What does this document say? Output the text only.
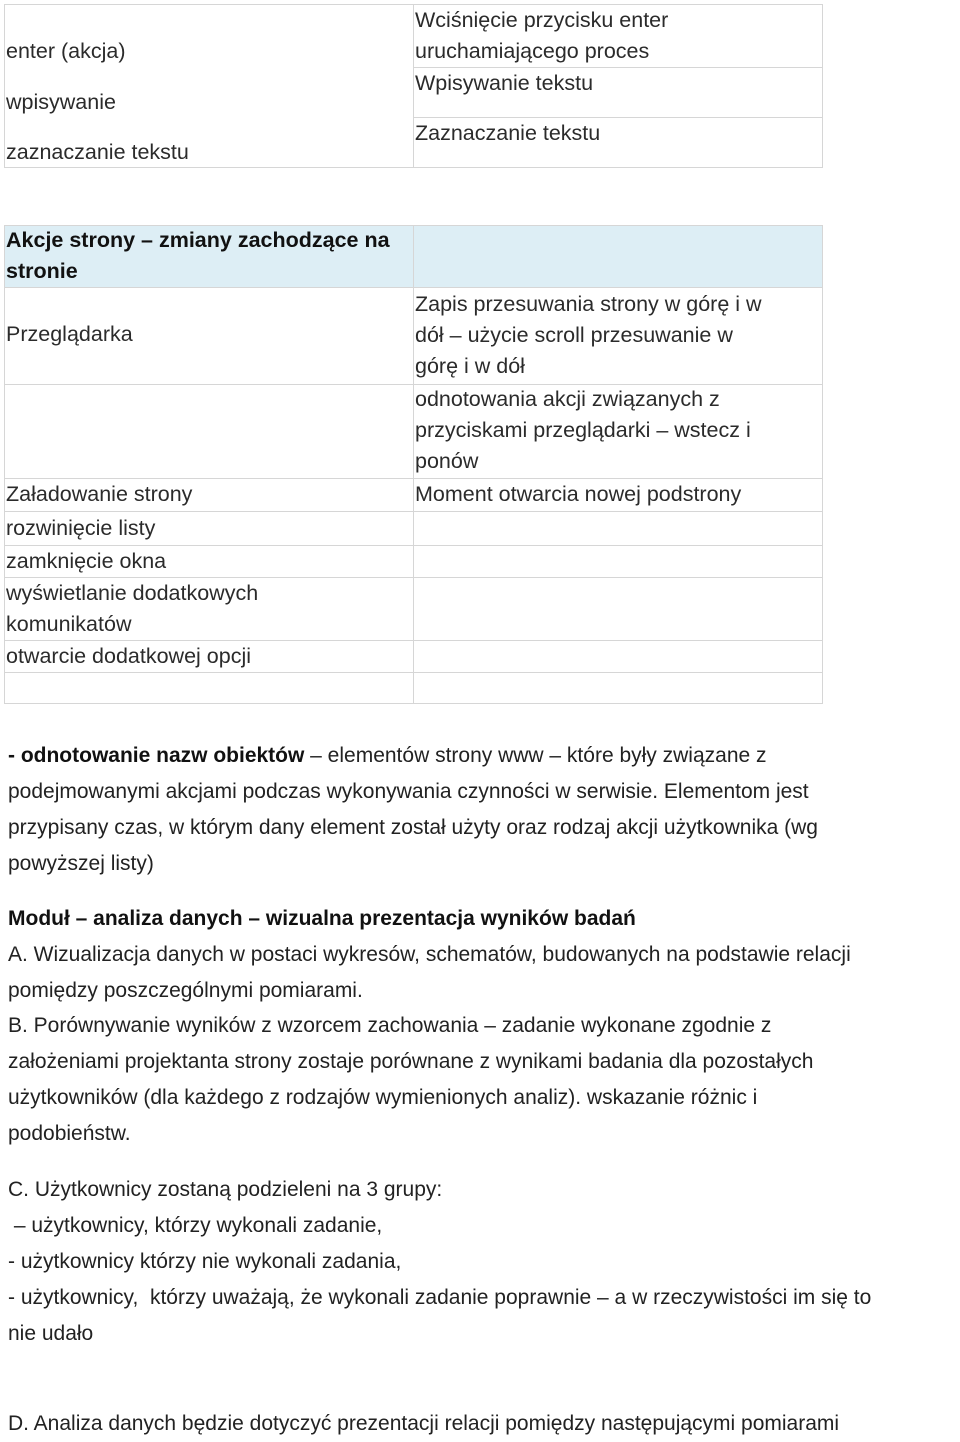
enter (akcja)
wpisywanie
zaznaczanie tekstu
Wciśnięcie przycisku enter
uruchamiającego proces
Wpisywanie tekstu
Zaznaczanie tekstu
Akcje strony – zmiany zachodzące na
stronie
Przeglądarka
Załadowanie strony
rozwinięcie listy
zamknięcie okna
wyświetlanie dodatkowych
komunikatów
otwarcie dodatkowej opcji
Zapis przesuwania strony w górę i w
dół – użycie scroll przesuwanie w
górę i w dół
odnotowania akcji związanych z
przyciskami przeglądarki – wstecz i
ponów
Moment otwarcia nowej podstrony
- odnotowanie nazw obiektów – elementów strony www – które były związane z
podejmowanymi akcjami podczas wykonywania czynności w serwisie. Elementom jest
przypisany czas, w którym dany element został użyty oraz rodzaj akcji użytkownika (wg
powyższej listy)
Moduł – analiza danych – wizualna prezentacja wyników badań
A. Wizualizacja danych w postaci wykresów, schematów, budowanych na podstawie relacji
pomiędzy poszczególnymi pomiarami.
B. Porównywanie wyników z wzorcem zachowania – zadanie wykonane zgodnie z
założeniami projektanta strony zostaje porównane z wynikami badania dla pozostałych
użytkowników (dla każdego z rodzajów wymienionych analiz). wskazanie różnic i
podobieństw.
C. Użytkownicy zostaną podzieleni na 3 grupy:
– użytkownicy, którzy wykonali zadanie,
- użytkownicy którzy nie wykonali zadania,
- użytkownicy,  którzy uważają, że wykonali zadanie poprawnie – a w rzeczywistości im się to
nie udało
D. Analiza danych będzie dotyczyć prezentacji relacji pomiędzy następującymi pomiarami
